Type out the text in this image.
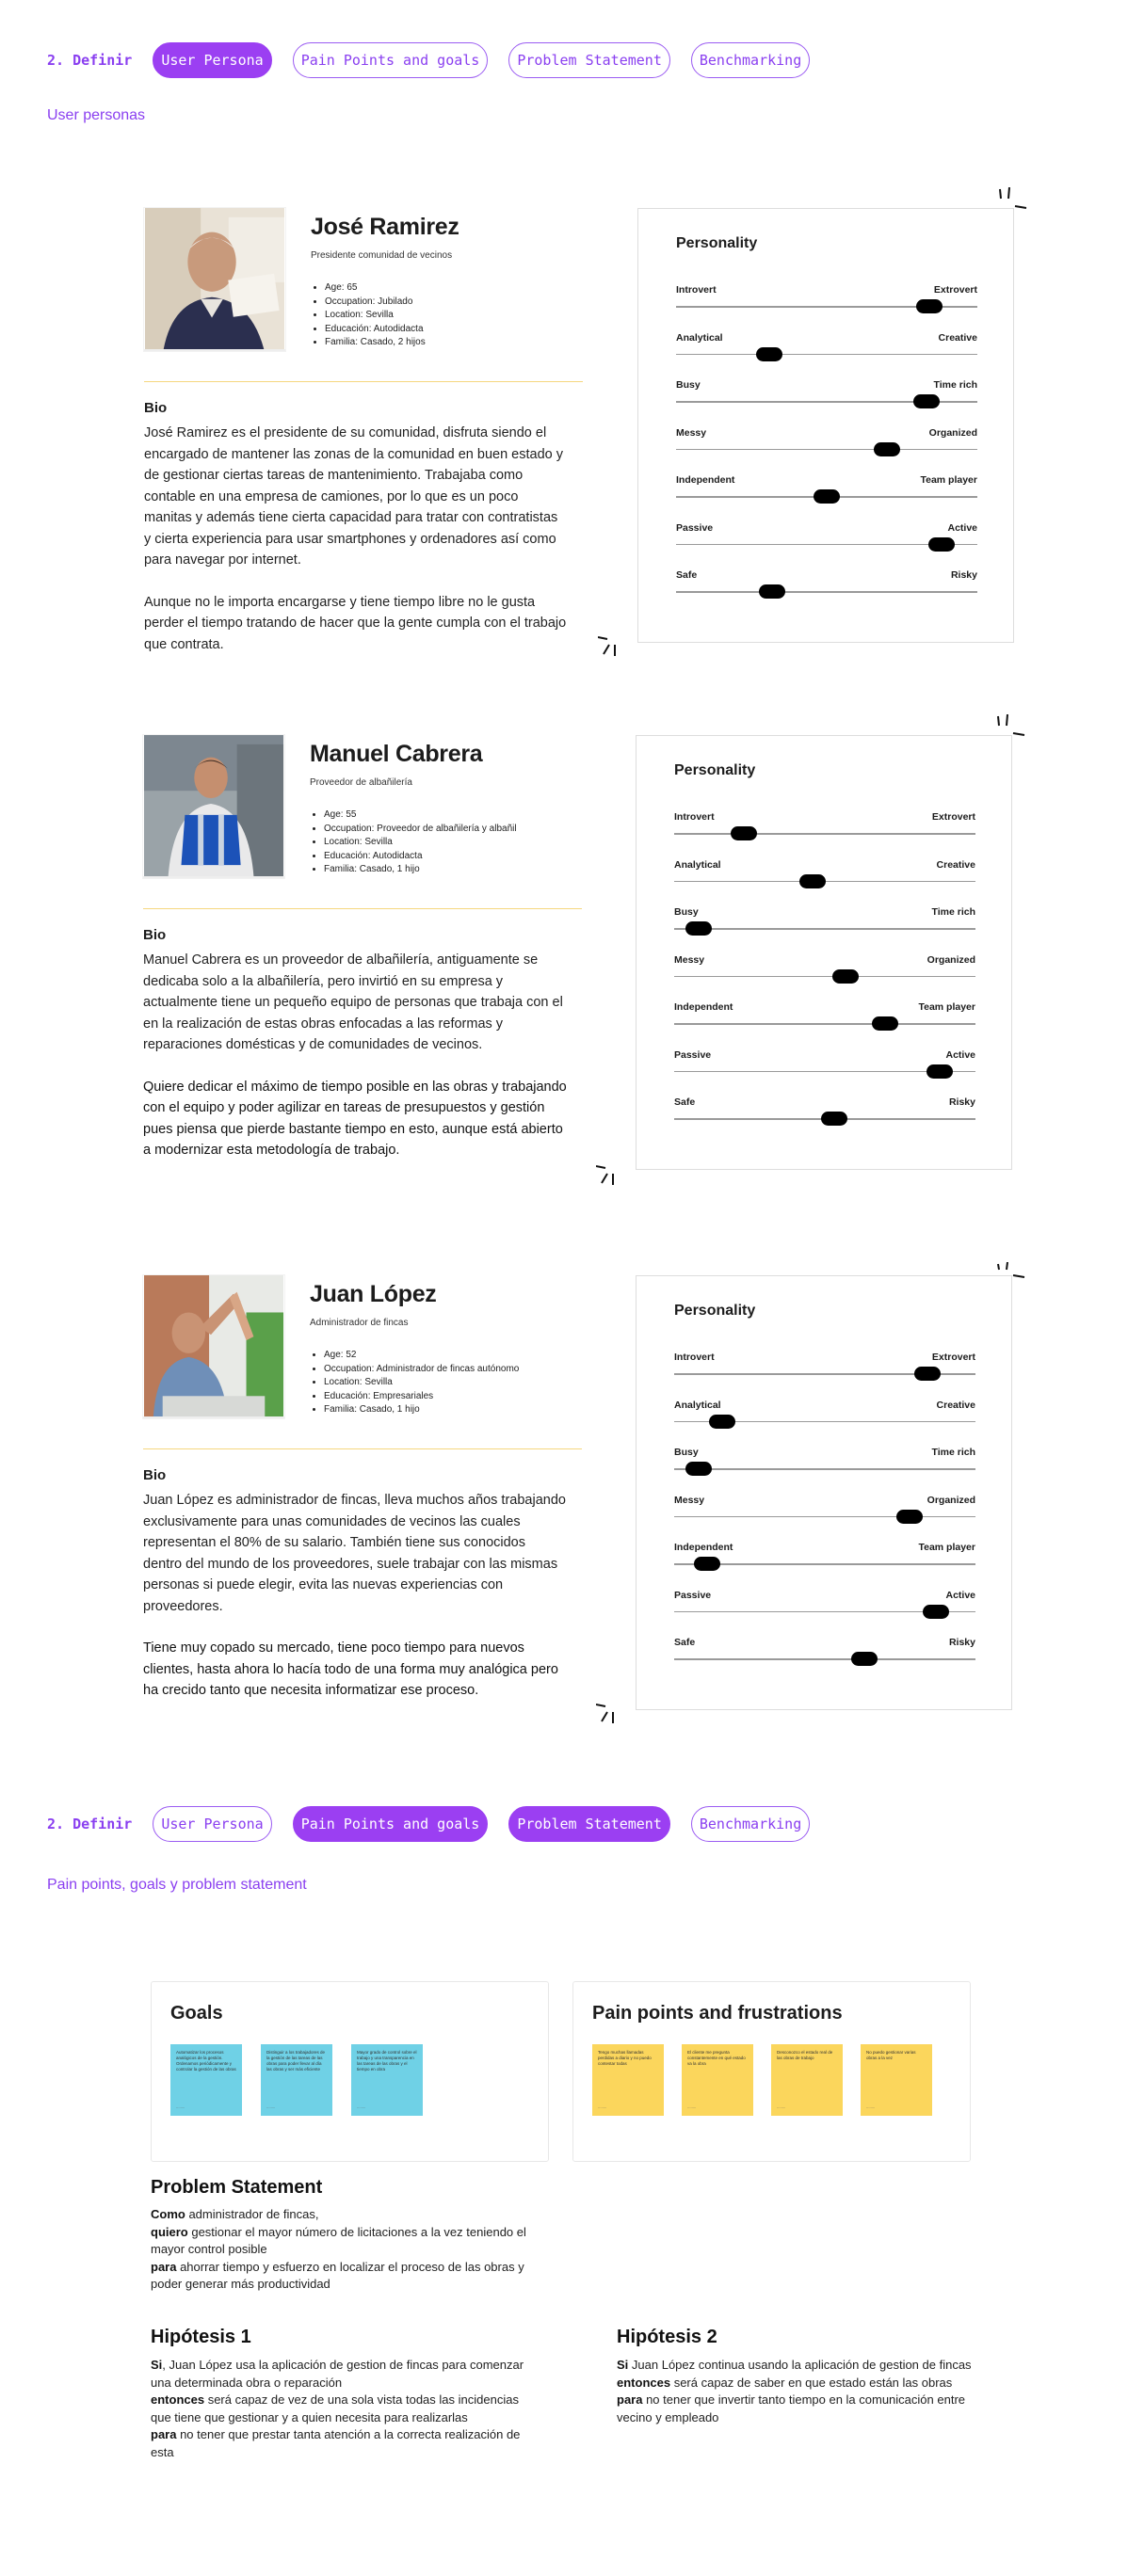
2. Definir	User Persona	Pain Points and goals	Problem Statement	Benchmarking
User personas
José Ramirez
Presidente comunidad de vecinos
• Age: 65
• Occupation: Jubilado
• Location: Sevilla
• Educación: Autodidacta
• Familia: Casado, 2 hijos
Bio

José Ramirez es el presidente de su comunidad, disfruta siendo el encargado de mantener las zonas de la comunidad en buen estado y de gestionar ciertas tareas de mantenimiento. Trabajaba como contable en una empresa de camiones, por lo que es un poco manitas y además tiene cierta capacidad para tratar con contratistas y cierta experiencia para usar smartphones y ordenadores así como para navegar por internet.

Aunque no le importa encargarse y tiene tiempo libre no le gusta perder el tiempo tratando de hacer que la gente cumpla con el trabajo que contrata.

Personality
Introvert	Extrovert
Analytical	Creative
Busy	Time rich
Messy	Organized
Independent	Team player
Passive	Active
Safe	Risky
Manuel Cabrera
Proveedor de albañilería
• Age: 55
• Occupation: Proveedor de albañilería y albañil
• Location: Sevilla
• Educación: Autodidacta
• Familia: Casado, 1 hijo
Bio

Manuel Cabrera es un proveedor de albañilería, antiguamente se dedicaba solo a la albañilería, pero invirtió en su empresa y actualmente tiene un pequeño equipo de personas que trabaja con el en la realización de estas obras enfocadas a las reformas y reparaciones domésticas y de comunidades de vecinos.

Quiere dedicar el máximo de tiempo posible en las obras y trabajando con el equipo y poder agilizar en tareas de presupuestos y gestión pues piensa que pierde bastante tiempo en esto, aunque está abierto a modernizar esta metodología de trabajo.

Personality
Introvert	Extrovert
Analytical	Creative
Busy	Time rich
Messy	Organized
Independent	Team player
Passive	Active
Safe	Risky
Juan López
Administrador de fincas
• Age: 52
• Occupation: Administrador de fincas autónomo
• Location: Sevilla
• Educación: Empresariales
• Familia: Casado, 1 hijo
Bio

Juan López es administrador de fincas, lleva muchos años trabajando exclusivamente para unas comunidades de vecinos las cuales representan el 80% de su salario. También tiene sus conocidos dentro del mundo de los proveedores, suele trabajar con las mismas personas si puede elegir, evita las nuevas experiencias con proveedores.

Tiene muy copado su mercado, tiene poco tiempo para nuevos clientes, hasta ahora lo hacía todo de una forma muy analógica pero ha crecido tanto que necesita informatizar ese proceso.

Personality
Introvert	Extrovert
Analytical	Creative
Busy	Time rich
Messy	Organized
Independent	Team player
Passive	Active
Safe	Risky
2. Definir	User Persona	Pain Points and goals	Problem Statement	Benchmarking
Pain points, goals y problem statement
Goals
Automatizar los procesos analógicos de la gestión. Ordenamos periódicamente y controlar la gestión de las obras
········
Distinguir a los trabajadores de la gestión de las tareas de las obras para poder llevar al día las obras y ser más eficiente
········
Mayor grado de control sobre el trabajo y una transparencia en las tareas de las obras y el tiempo en obra
········
Pain points and frustrations
Tengo muchas llamadas perdidas a diario y no puedo contestar todas
········
El cliente me pregunta constantemente en qué estado va la obra
········
Desconozco el estado real de las obras de trabajo
········
No puedo gestionar varias obras a la vez
········
Problem Statement
Como administrador de fincas,
quiero gestionar el mayor número de licitaciones a la vez teniendo el mayor control posible
para ahorrar tiempo y esfuerzo en localizar el proceso de las obras y poder generar más productividad
Hipótesis 1
Si, Juan López usa la aplicación de gestion de fincas para comenzar una determinada obra o reparación
entonces será capaz de vez de una sola vista todas las incidencias que tiene que gestionar y a quien necesita para realizarlas
para no tener que prestar tanta atención a la correcta realización de esta
Hipótesis 2
Si Juan López continua usando la aplicación de gestion de fincas
entonces será capaz de saber en que estado están las obras
para no tener que invertir tanto tiempo en la comunicación entre vecino y empleado
